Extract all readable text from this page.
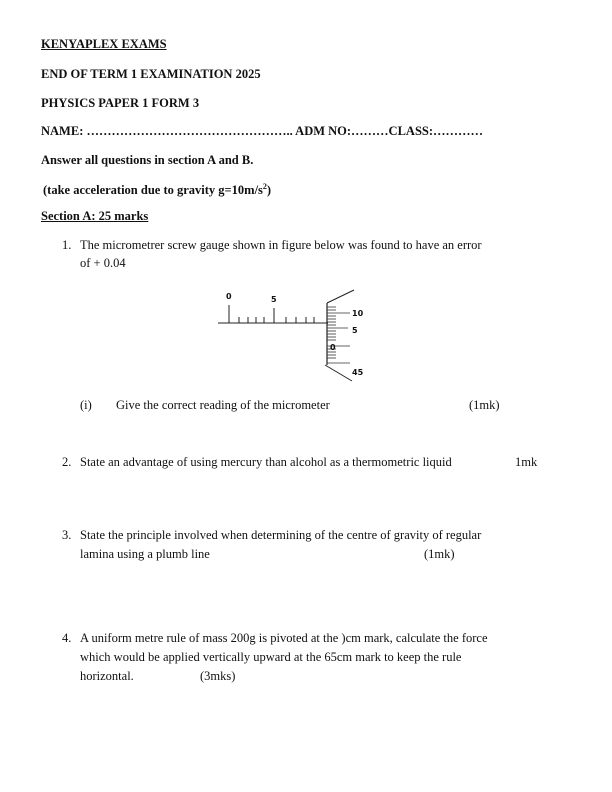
KENYAPLEX EXAMS
END OF TERM 1 EXAMINATION 2025
PHYSICS PAPER 1 FORM 3
NAME: ………………………………………….. ADM NO:………CLASS:…………
Answer all questions in section A and B.
(take acceleration due to gravity $g=10m/s^2$)
Section A: 25 marks
1. The micrometrer screw gauge shown in figure below was found to have an error
of + 0.04
0	5
10
5
0
45
(i) Give the correct reading of the micrometer	(1mk)
2. State an advantage of using mercury than alcohol as a thermometric liquid	1mk
3. State the principle involved when determining of the centre of gravity of regular
lamina using a plumb line	(1mk)
4. A uniform metre rule of mass 200g is pivoted at the )cm mark, calculate the force
which would be applied vertically upward at the 65cm mark to keep the rule
horizontal.	(3mks)
